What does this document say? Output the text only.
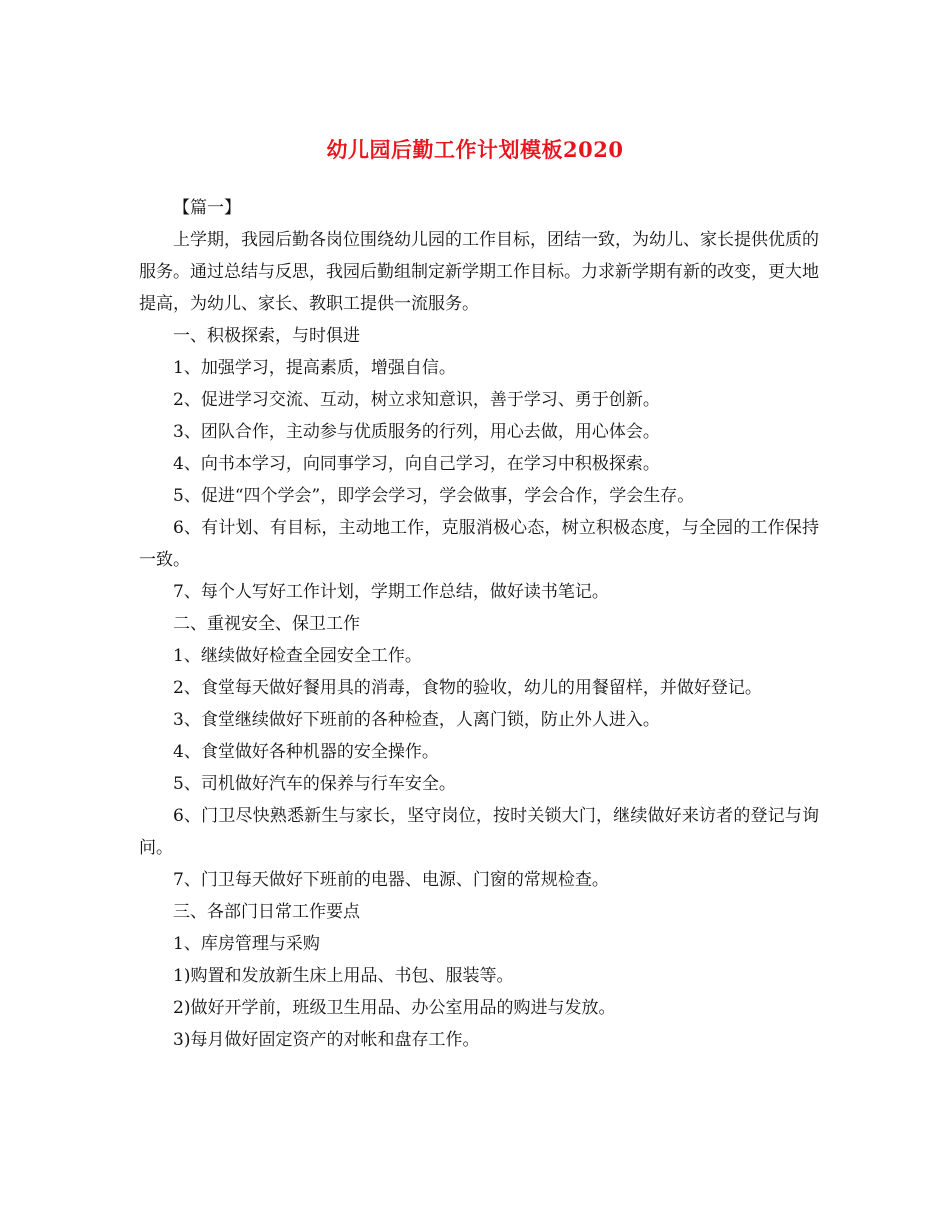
幼儿园后勤工作计划模板2020

【篇一】

上学期，我园后勤各岗位围绕幼儿园的工作目标，团结一致，为幼儿、家长提供优质的服务。通过总结与反思，我园后勤组制定新学期工作目标。力求新学期有新的改变，更大地提高，为幼儿、家长、教职工提供一流服务。

一、积极探索，与时俱进

1、加强学习，提高素质，增强自信。

2、促进学习交流、互动，树立求知意识，善于学习、勇于创新。

3、团队合作，主动参与优质服务的行列，用心去做，用心体会。

4、向书本学习，向同事学习，向自己学习，在学习中积极探索。

5、促进“四个学会”，即学会学习，学会做事，学会合作，学会生存。

6、有计划、有目标，主动地工作，克服消极心态，树立积极态度，与全园的工作保持一致。

7、每个人写好工作计划，学期工作总结，做好读书笔记。

二、重视安全、保卫工作

1、继续做好检查全园安全工作。

2、食堂每天做好餐用具的消毒，食物的验收，幼儿的用餐留样，并做好登记。

3、食堂继续做好下班前的各种检查，人离门锁，防止外人进入。

4、食堂做好各种机器的安全操作。

5、司机做好汽车的保养与行车安全。

6、门卫尽快熟悉新生与家长，坚守岗位，按时关锁大门，继续做好来访者的登记与询问。

7、门卫每天做好下班前的电器、电源、门窗的常规检查。

三、各部门日常工作要点

1、库房管理与采购

1)购置和发放新生床上用品、书包、服装等。

2)做好开学前，班级卫生用品、办公室用品的购进与发放。

3)每月做好固定资产的对帐和盘存工作。
